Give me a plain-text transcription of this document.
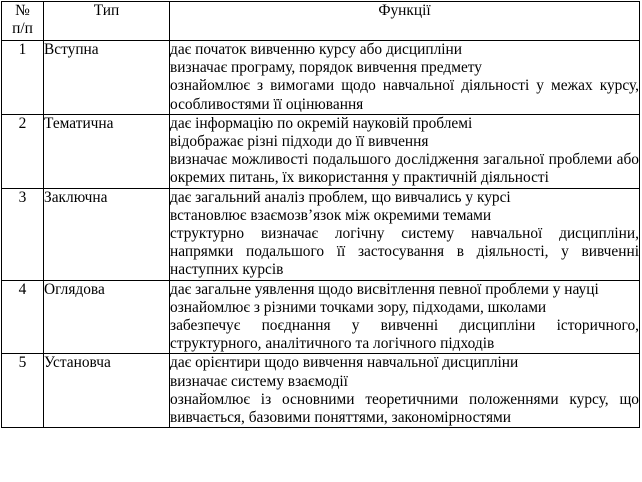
№
п/п	Тип	Функції
1	Вступна	дає початок вивченню курсу або дисципліни
визначає програму, порядок вивчення предмету
ознайомлює з вимогами щодо навчальної діяльності у межах курсу, особливостями її оцінювання

2	Тематична	дає інформацію по окремій науковій проблемі
відображає різні підходи до її вивчення
визначає можливості подальшого дослідження загальної проблеми або окремих питань, їх використання у практичній діяльності

3	Заключна	дає загальний аналіз проблем, що вивчались у курсі
встановлює взаємозв’язок між окремими темами
структурно визначає логічну систему навчальної дисципліни, напрямки подальшого її застосування в діяльності, у вивченні наступних курсів

4	Оглядова	дає загальне уявлення щодо висвітлення певної проблеми у науці
ознайомлює з різними точками зору, підходами, школами
забезпечує поєднання у вивченні дисципліни історичного, структурного, аналітичного та логічного підходів

5	Установча	дає орієнтири щодо вивчення навчальної дисципліни
визначає систему взаємодії
ознайомлює із основними теоретичними положеннями курсу, що вивчається, базовими поняттями, закономірностями
